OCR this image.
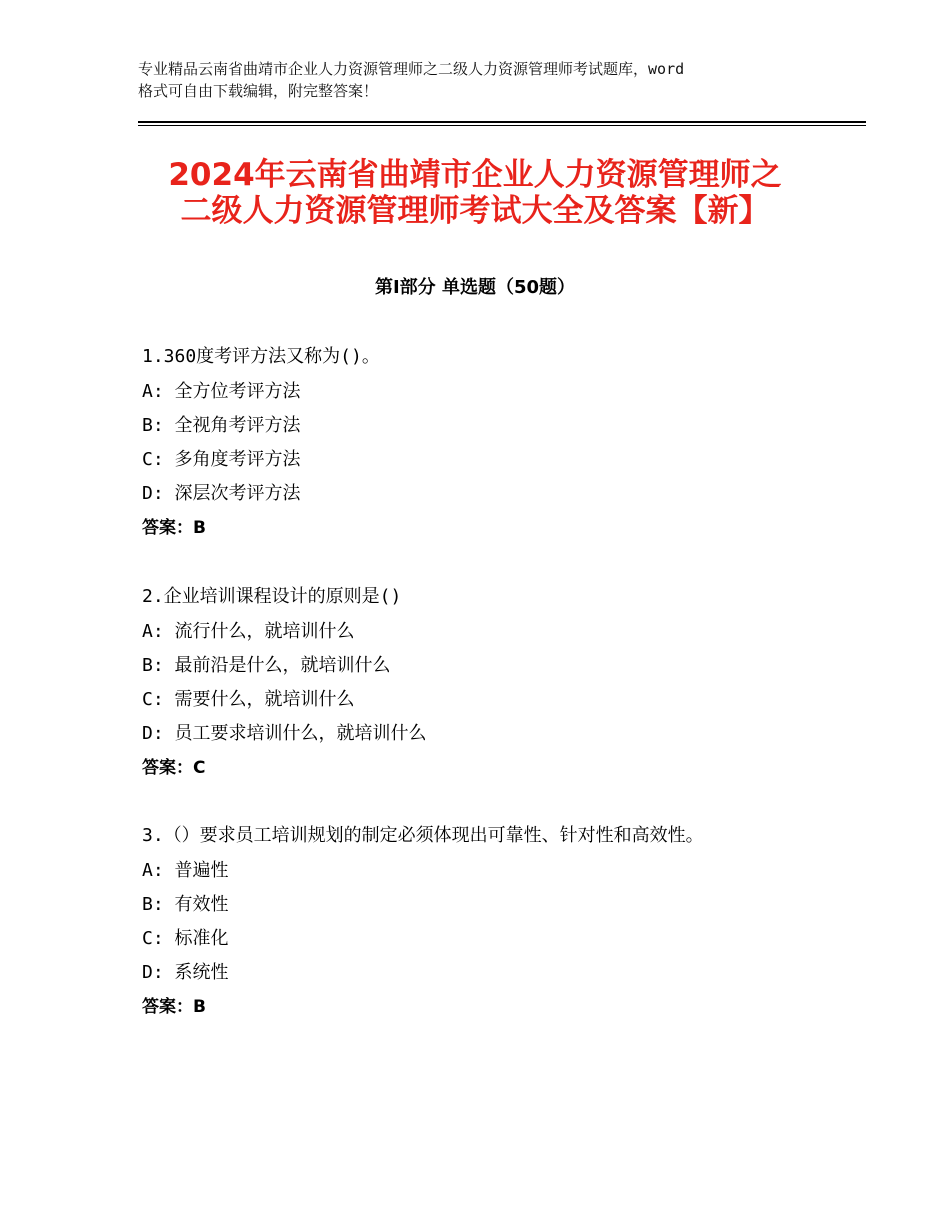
专业精品云南省曲靖市企业人力资源管理师之二级人力资源管理师考试题库，word
格式可自由下载编辑，附完整答案！
2024年云南省曲靖市企业人力资源管理师之
二级人力资源管理师考试大全及答案【新】
第Ⅰ部分 单选题（50题）
1.360度考评方法又称为()。
A: 全方位考评方法
B: 全视角考评方法
C: 多角度考评方法
D: 深层次考评方法
答案：B
2.企业培训课程设计的原则是()
A: 流行什么，就培训什么
B: 最前沿是什么，就培训什么
C: 需要什么，就培训什么
D: 员工要求培训什么，就培训什么
答案：C
3.（）要求员工培训规划的制定必须体现出可靠性、针对性和高效性。
A: 普遍性
B: 有效性
C: 标准化
D: 系统性
答案：B
